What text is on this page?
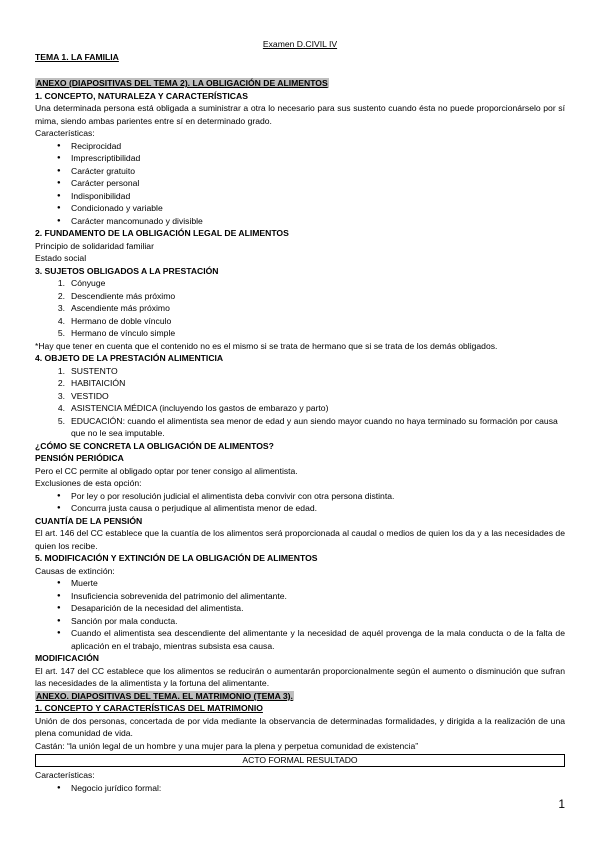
Examen D.CIVIL IV
TEMA 1. LA FAMILIA
ANEXO (DIAPOSITIVAS DEL TEMA 2). LA OBLIGACIÓN DE ALIMENTOS
1. CONCEPTO, NATURALEZA Y CARACTERÍSTICAS
Una determinada persona está obligada a suministrar a otra lo necesario para sus sustento cuando ésta no puede proporcionárselo por sí mima, siendo ambas parientes entre sí en determinado grado.
Características:
● Reciprocidad
● Imprescriptibilidad
● Carácter gratuito
● Carácter personal
● Indisponibilidad
● Condicionado y variable
● Carácter mancomunado y divisible
2. FUNDAMENTO DE LA OBLIGACIÓN LEGAL DE ALIMENTOS
Principio de solidaridad familiar
Estado social
3. SUJETOS OBLIGADOS A LA PRESTACIÓN
1. Cónyuge
2. Descendiente más próximo
3. Ascendiente más próximo
4. Hermano de doble vínculo
5. Hermano de vínculo simple
*Hay que tener en cuenta que el contenido no es el mismo si se trata de hermano que si se trata de los demás obligados.
4. OBJETO DE LA PRESTACIÓN ALIMENTICIA
1. SUSTENTO
2. HABITAICIÓN
3. VESTIDO
4. ASISTENCIA MÉDICA (incluyendo los gastos de embarazo y parto)
5. EDUCACIÓN: cuando el alimentista sea menor de edad y aun siendo mayor cuando no haya terminado su formación por causa que no le sea imputable.
¿CÓMO SE CONCRETA LA OBLIGACIÓN DE ALIMENTOS?
PENSIÓN PERIÓDICA
Pero el CC permite al obligado optar por tener consigo al alimentista.
Exclusiones de esta opción:
● Por ley o por resolución judicial el alimentista deba convivir con otra persona distinta.
● Concurra justa causa o perjudique al alimentista menor de edad.
CUANTÍA DE LA PENSIÓN
El art. 146 del CC establece que la cuantía de los alimentos será proporcionada al caudal o medios de quien los da y a las necesidades de quien los recibe.
5. MODIFICACIÓN Y EXTINCIÓN DE LA OBLIGACIÓN DE ALIMENTOS
Causas de extinción:
● Muerte
● Insuficiencia sobrevenida del patrimonio del alimentante.
● Desaparición de la necesidad del alimentista.
● Sanción por mala conducta.
● Cuando el alimentista sea descendiente del alimentante y la necesidad de aquél provenga de la mala conducta o de la falta de aplicación en el trabajo, mientras subsista esa causa.
MODIFICACIÓN
El art. 147 del CC establece que los alimentos se reducirán o aumentarán proporcionalmente según el aumento o disminución que sufran las necesidades de la alimentista y la fortuna del alimentante.
ANEXO. DIAPOSITIVAS DEL TEMA. EL MATRIMONIO (TEMA 3).
1. CONCEPTO Y CARACTERÍSTICAS DEL MATRIMONIO
Unión de dos personas, concertada de por vida mediante la observancia de determinadas formalidades, y dirigida a la realización de una plena comunidad de vida.
Castán: “la unión legal de un hombre y una mujer para la plena y perpetua comunidad de existencia”
ACTO FORMAL RESULTADO
Características:
● Negocio jurídico formal:
1
